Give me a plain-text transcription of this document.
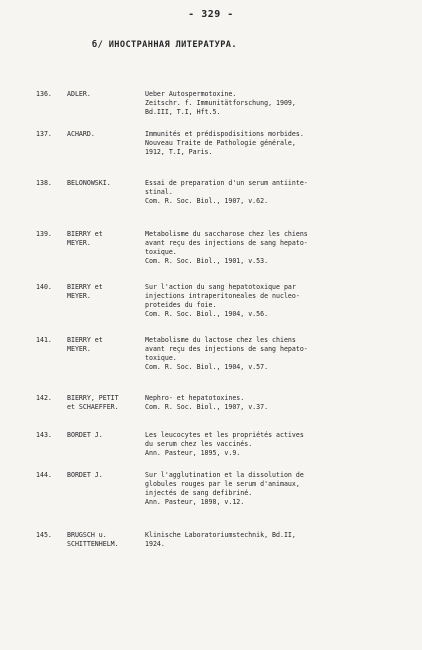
- 329 -
б/ ИНОСТРАННАЯ ЛИТЕРАТУРА.
136.	ADLER.	Ueber Autospermotoxine.
Zeitschr. f. Immunitätforschung, 1909,
Bd.III, T.I, Hft.5.
137.	ACHARD.	Immunités et prédispodisitions morbides.
Nouveau Traite de Pathologie générale,
1912, T.I, Paris.
138.	BELONOWSKI.	Essai de preparation d'un serum antiinte-
stinal.
Com. R. Soc. Biol., 1907, v.62.
139.	BIERRY et
MEYER.
Metabolisme du saccharose chez les chiens
avant reçu des injections de sang hepato-
toxique.
Com. R. Soc. Biol., 1901, v.53.
140.	BIERRY et
MEYER.
Sur l'action du sang hepatotoxique par
injections intraperitoneales de nucleo-
proteides du foie.
Com. R. Soc. Biol., 1904, v.56.
141.	BIERRY et
MEYER.
Metabolisme du lactose chez les chiens
avant reçu des injections de sang hepato-
toxique.
Com. R. Soc. Biol., 1904, v.57.
142.	BIERRY, PETIT
et SCHAEFFER.
Nephro- et hepatotoxines.
Com. R. Soc. Biol., 1907, v.37.
143.	BORDET J.	Les leucocytes et les propriétés actives
du serum chez les vaccinés.
Ann. Pasteur, 1895, v.9.
144.	BORDET J.	Sur l'agglutination et la dissolution de
globules rouges par le serum d'animaux,
injectés de sang defibriné.
Ann. Pasteur, 1898, v.12.
145.	BRUGSCH u.
SCHITTENHELM.
Klinische Laboratoriumstechnik, Bd.II,
1924.
